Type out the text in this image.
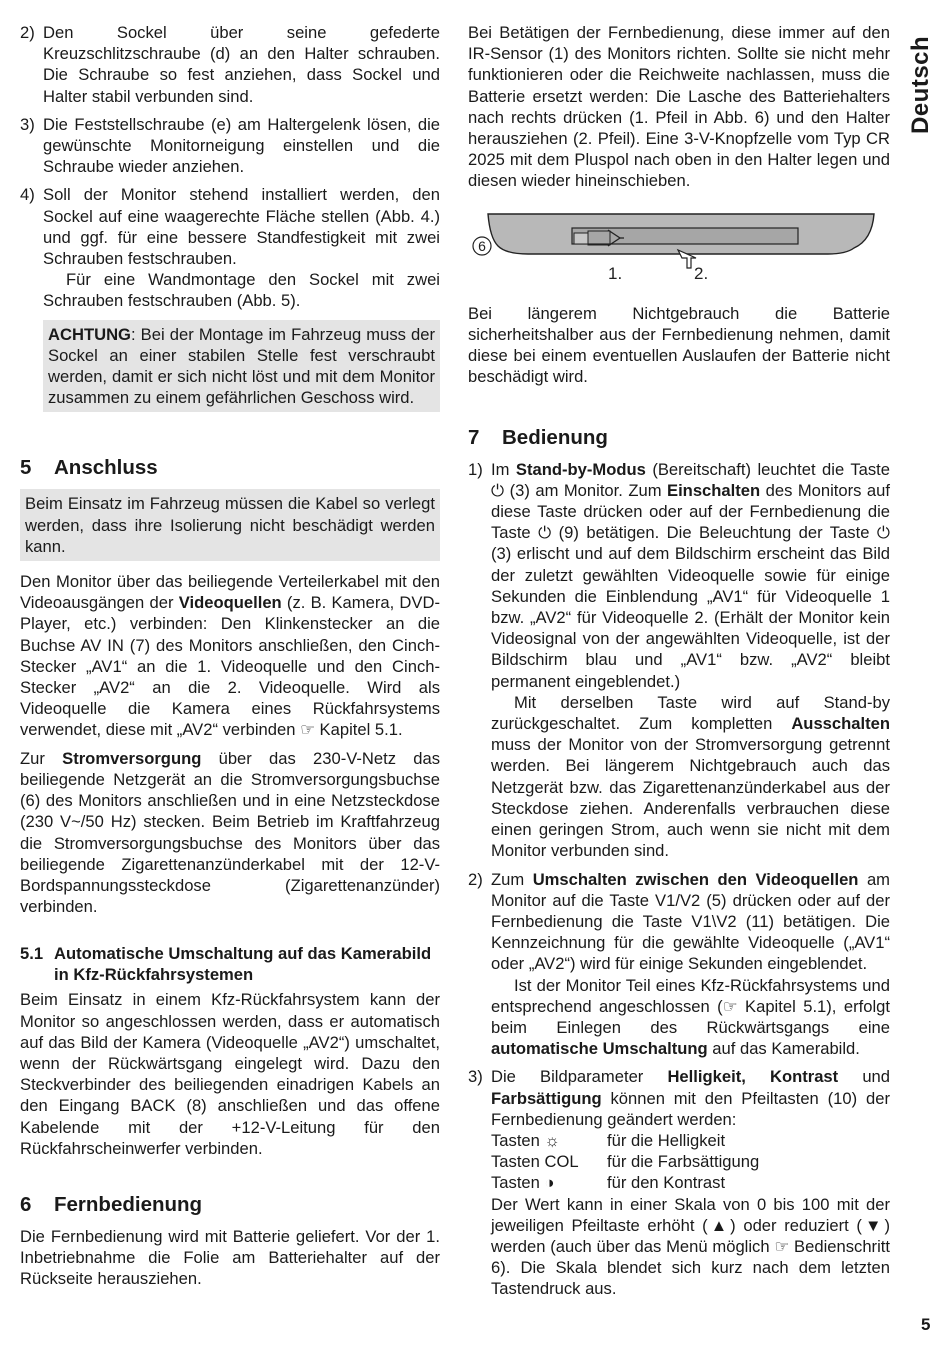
2) Den Sockel über seine gefederte Kreuzschlitzschraube (d) an den Halter schrauben. Die Schraube so fest anziehen, dass Sockel und Halter stabil verbunden sind.

3) Die Feststellschraube (e) am Haltergelenk lösen, die gewünschte Monitorneigung einstellen und die Schraube wieder anziehen.

4) Soll der Monitor stehend installiert werden, den Sockel auf eine waagerechte Fläche stellen (Abb. 4.) und ggf. für eine bessere Standfestigkeit mit zwei Schrauben festschrauben.

Für eine Wandmontage den Sockel mit zwei Schrauben festschrauben (Abb. 5).

ACHTUNG: Bei der Montage im Fahrzeug muss der Sockel an einer stabilen Stelle fest verschraubt werden, damit er sich nicht löst und mit dem Monitor zusammen zu einem gefährlichen Geschoss wird.
5 Anschluss
Beim Einsatz im Fahrzeug müssen die Kabel so verlegt werden, dass ihre Isolierung nicht beschädigt werden kann.

Den Monitor über das beiliegende Verteilerkabel mit den Videoausgängen der Videoquellen (z. B. Kamera, DVD-Player, etc.) verbinden: Den Klinkenstecker an die Buchse AV IN (7) des Monitors anschließen, den Cinch-Stecker „AV1“ an die 1. Videoquelle und den Cinch-Stecker „AV2“ an die 2. Videoquelle. Wird als Videoquelle die Kamera eines Rückfahrsystems verwendet, diese mit „AV2“ verbinden ☞ Kapitel 5.1.

Zur Stromversorgung über das 230-V-Netz das beiliegende Netzgerät an die Stromversorgungsbuchse (6) des Monitors anschließen und in eine Netzsteckdose (230 V~/50 Hz) stecken. Beim Betrieb im Kraftfahrzeug die Stromversorgungsbuchse des Monitors über das beiliegende Zigarettenanzünderkabel mit der 12-V-Bordspannungssteckdose (Zigarettenanzünder) verbinden.

5.1 Automatische Umschaltung auf das Kamerabild in Kfz-Rückfahrsystemen

Beim Einsatz in einem Kfz-Rückfahrsystem kann der Monitor so angeschlossen werden, dass er automatisch auf das Bild der Kamera (Videoquelle „AV2“) umschaltet, wenn der Rückwärtsgang eingelegt wird. Dazu den Steckverbinder des beiliegenden einadrigen Kabels an den Eingang BACK (8) anschließen und das offene Kabelende mit der +12-V-Leitung für den Rückfahrscheinwerfer verbinden.

6 Fernbedienung

Die Fernbedienung wird mit Batterie geliefert. Vor der 1. Inbetriebnahme die Folie am Batteriehalter auf der Rückseite herausziehen.

Bei Betätigen der Fernbedienung, diese immer auf den IR-Sensor (1) des Monitors richten. Sollte sie nicht mehr funktionieren oder die Reichweite nachlassen, muss die Batterie ersetzt werden: Die Lasche des Batteriehalters nach rechts drücken (1. Pfeil in Abb. 6) und den Halter herausziehen (2. Pfeil). Eine 3-V-Knopfzelle vom Typ CR 2025 mit dem Pluspol nach oben in den Halter legen und diesen wieder hineinschieben.

6
1.	2.

Bei längerem Nichtgebrauch die Batterie sicherheitshalber aus der Fernbedienung nehmen, damit diese bei einem eventuellen Auslaufen der Batterie nicht beschädigt wird.

7 Bedienung
1) Im Stand-by-Modus (Bereitschaft) leuchtet die Taste ⏻ (3) am Monitor. Zum Einschalten des Monitors auf diese Taste drücken oder auf der Fernbedienung die Taste ⏻ (9) betätigen. Die Beleuchtung der Taste ⏻ (3) erlischt und auf dem Bildschirm erscheint das Bild der zuletzt gewählten Videoquelle sowie für einige Sekunden die Einblendung „AV1“ für Videoquelle 1 bzw. „AV2“ für Videoquelle 2. (Erhält der Monitor kein Videosignal von der angewählten Videoquelle, ist der Bildschirm blau und „AV1“ bzw. „AV2“ bleibt permanent eingeblendet.)

Mit derselben Taste wird auf Stand-by zurückgeschaltet. Zum kompletten Ausschalten muss der Monitor von der Stromversorgung getrennt werden. Bei längerem Nichtgebrauch auch das Netzgerät bzw. das Zigarettenanzünderkabel aus der Steckdose ziehen. Anderenfalls verbrauchen diese einen geringen Strom, auch wenn sie nicht mit dem Monitor verbunden sind.

2) Zum Umschalten zwischen den Videoquellen am Monitor auf die Taste V1/V2 (5) drücken oder auf der Fernbedienung die Taste V1\V2 (11) betätigen. Die Kennzeichnung für die gewählte Videoquelle („AV1“ oder „AV2“) wird für einige Sekunden eingeblendet.

Ist der Monitor Teil eines Kfz-Rückfahrsystems und entsprechend angeschlossen (☞ Kapitel 5.1), erfolgt beim Einlegen des Rückwärtsgangs eine automatische Umschaltung auf das Kamerabild.

3) Die Bildparameter Helligkeit, Kontrast und Farbsättigung können mit den Pfeiltasten (10) der Fernbedienung geändert werden:

Tasten ☼	für die Helligkeit
Tasten COL	für die Farbsättigung
Tasten ◑	für den Kontrast

Der Wert kann in einer Skala von 0 bis 100 mit der jeweiligen Pfeiltaste erhöht (▲) oder reduziert (▼) werden (auch über das Menü möglich ☞ Bedienschritt 6). Die Skala blendet sich kurz nach dem letzten Tastendruck aus.

Deutsch
5
